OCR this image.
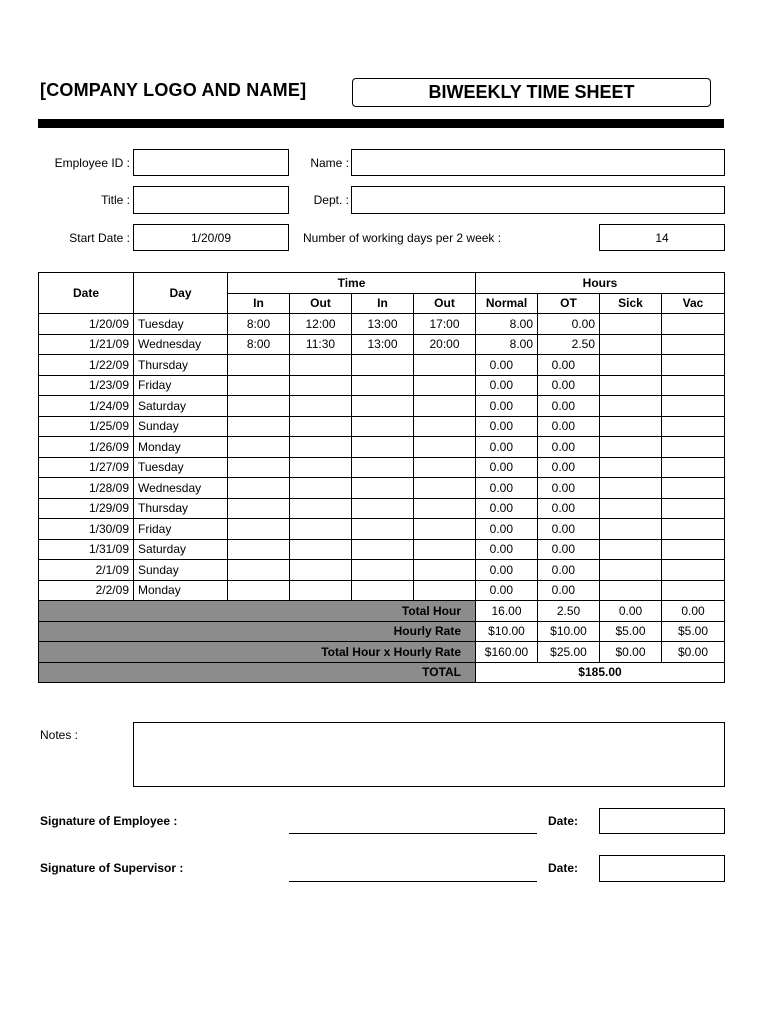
[COMPANY LOGO AND NAME]	BIWEEKLY TIME SHEET
Employee ID :	Name :
Title :	Dept. :
Start Date :	1/20/09	Number of working days per 2 week :	14
Date	Day	Time				Hours			
		In	Out	In	Out	Normal	OT	Sick	Vac
1/20/09	Tuesday	8:00	12:00	13:00	17:00	8.00	0.00		
1/21/09	Wednesday	8:00	11:30	13:00	20:00	8.00	2.50		
1/22/09	Thursday					0.00	0.00		
1/23/09	Friday					0.00	0.00		
1/24/09	Saturday					0.00	0.00		
1/25/09	Sunday					0.00	0.00		
1/26/09	Monday					0.00	0.00		
1/27/09	Tuesday					0.00	0.00		
1/28/09	Wednesday					0.00	0.00		
1/29/09	Thursday					0.00	0.00		
1/30/09	Friday					0.00	0.00		
1/31/09	Saturday					0.00	0.00		
2/1/09	Sunday					0.00	0.00		
2/2/09	Monday					0.00	0.00		
Total Hour						16.00	2.50	0.00	0.00
Hourly Rate						$10.00	$10.00	$5.00	$5.00
Total Hour x Hourly Rate						$160.00	$25.00	$0.00	$0.00
TOTAL						$185.00			
Notes :
Signature of Employee :	Date:
Signature of Supervisor :	Date:
